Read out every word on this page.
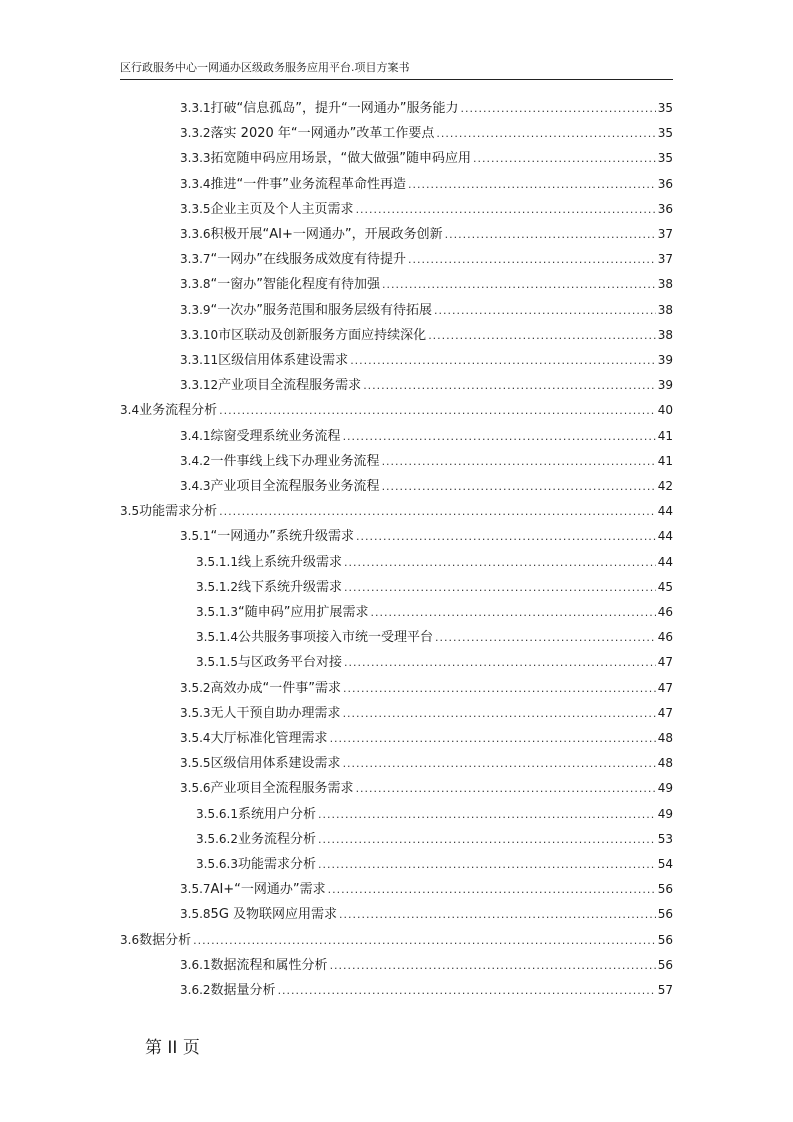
区行政服务中心一网通办区级政务服务应用平台.项目方案书
3.3.1 打破“信息孤岛”，提升“一网通办”服务能力 .....	35
3.3.2 落实 2020 年“一网通办”改革工作要点 .....	35
3.3.3 拓宽随申码应用场景，“做大做强”随申码应用 .....	35
3.3.4 推进“一件事”业务流程革命性再造 .....	36
3.3.5 企业主页及个人主页需求 .....	36
3.3.6 积极开展“AI+一网通办”，开展政务创新 .....	37
3.3.7 “一网办”在线服务成效度有待提升 .....	37
3.3.8 “一窗办”智能化程度有待加强 .....	38
3.3.9 “一次办”服务范围和服务层级有待拓展 .....	38
3.3.10 市区联动及创新服务方面应持续深化 .....	38
3.3.11 区级信用体系建设需求 .....	39
3.3.12 产业项目全流程服务需求 .....	39
3.4 业务流程分析 .....	40
3.4.1 综窗受理系统业务流程 .....	41
3.4.2 一件事线上线下办理业务流程 .....	41
3.4.3 产业项目全流程服务业务流程 .....	42
3.5 功能需求分析 .....	44
3.5.1 “一网通办”系统升级需求 .....	44
3.5.1.1 线上系统升级需求 .....	44
3.5.1.2 线下系统升级需求 .....	45
3.5.1.3 “随申码”应用扩展需求 .....	46
3.5.1.4 公共服务事项接入市统一受理平台 .....	46
3.5.1.5 与区政务平台对接 .....	47
3.5.2 高效办成“一件事”需求 .....	47
3.5.3 无人干预自助办理需求 .....	47
3.5.4 大厅标准化管理需求 .....	48
3.5.5 区级信用体系建设需求 .....	48
3.5.6 产业项目全流程服务需求 .....	49
3.5.6.1 系统用户分析 .....	49
3.5.6.2 业务流程分析 .....	53
3.5.6.3 功能需求分析 .....	54
3.5.7 AI+“一网通办”需求 .....	56
3.5.8 5G 及物联网应用需求 .....	56
3.6 数据分析 .....	56
3.6.1 数据流程和属性分析 .....	56
3.6.2 数据量分析 .....	57
第 II 页
